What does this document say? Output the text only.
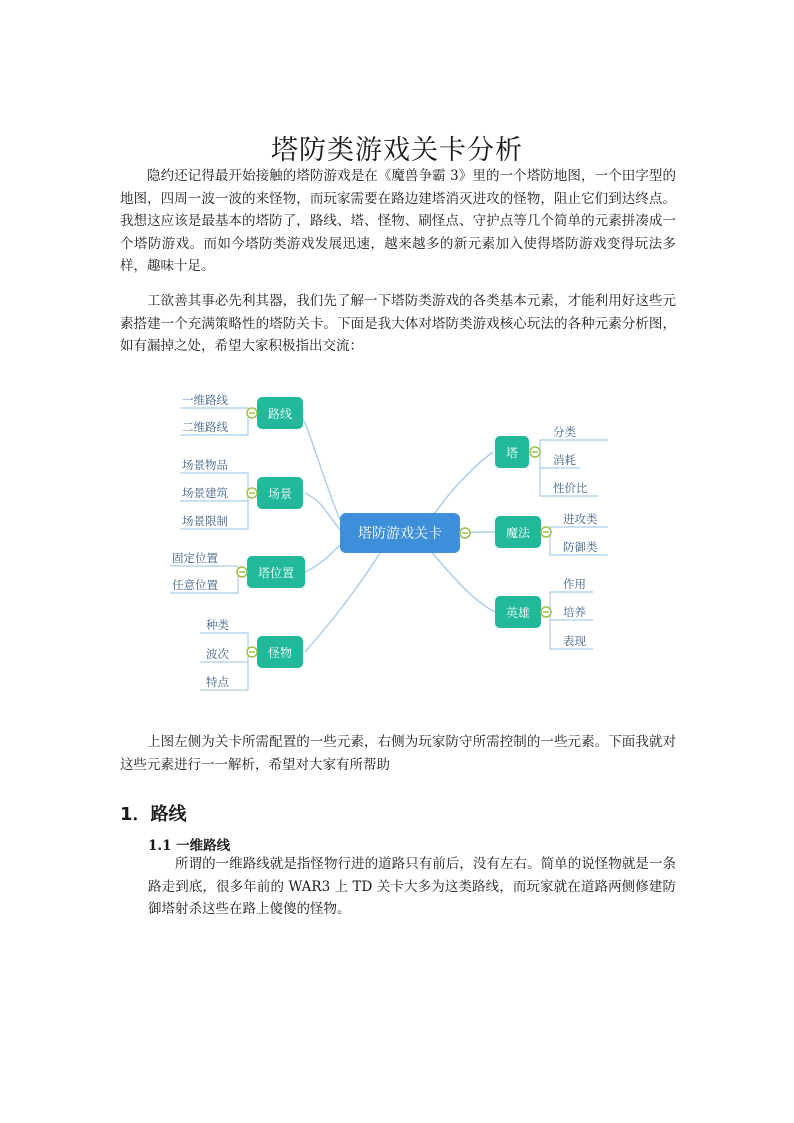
塔防类游戏关卡分析

隐约还记得最开始接触的塔防游戏是在《魔兽争霸 3》里的一个塔防地图，一个田字型的地图，四周一波一波的来怪物，而玩家需要在路边建塔消灭进攻的怪物，阻止它们到达终点。我想这应该是最基本的塔防了，路线、塔、怪物、刷怪点、守护点等几个简单的元素拼凑成一个塔防游戏。而如今塔防类游戏发展迅速，越来越多的新元素加入使得塔防游戏变得玩法多样，趣味十足。

工欲善其事必先利其器，我们先了解一下塔防类游戏的各类基本元素，才能利用好这些元素搭建一个充满策略性的塔防关卡。下面是我大体对塔防类游戏核心玩法的各种元素分析图，如有漏掉之处，希望大家积极指出交流：

塔防游戏关卡
路线
场景
塔位置
怪物
塔
魔法
英雄
一维路线
二维路线
场景物品
场景建筑
场景限制
固定位置
任意位置
种类
波次
特点
分类
消耗
性价比
进攻类
防御类
作用
培养
表现

上图左侧为关卡所需配置的一些元素，右侧为玩家防守所需控制的一些元素。下面我就对这些元素进行一一解析，希望对大家有所帮助

1．路线
1.1 一维路线

所谓的一维路线就是指怪物行进的道路只有前后，没有左右。简单的说怪物就是一条路走到底，很多年前的 WAR3 上 TD 关卡大多为这类路线，而玩家就在道路两侧修建防御塔射杀这些在路上傻傻的怪物。
